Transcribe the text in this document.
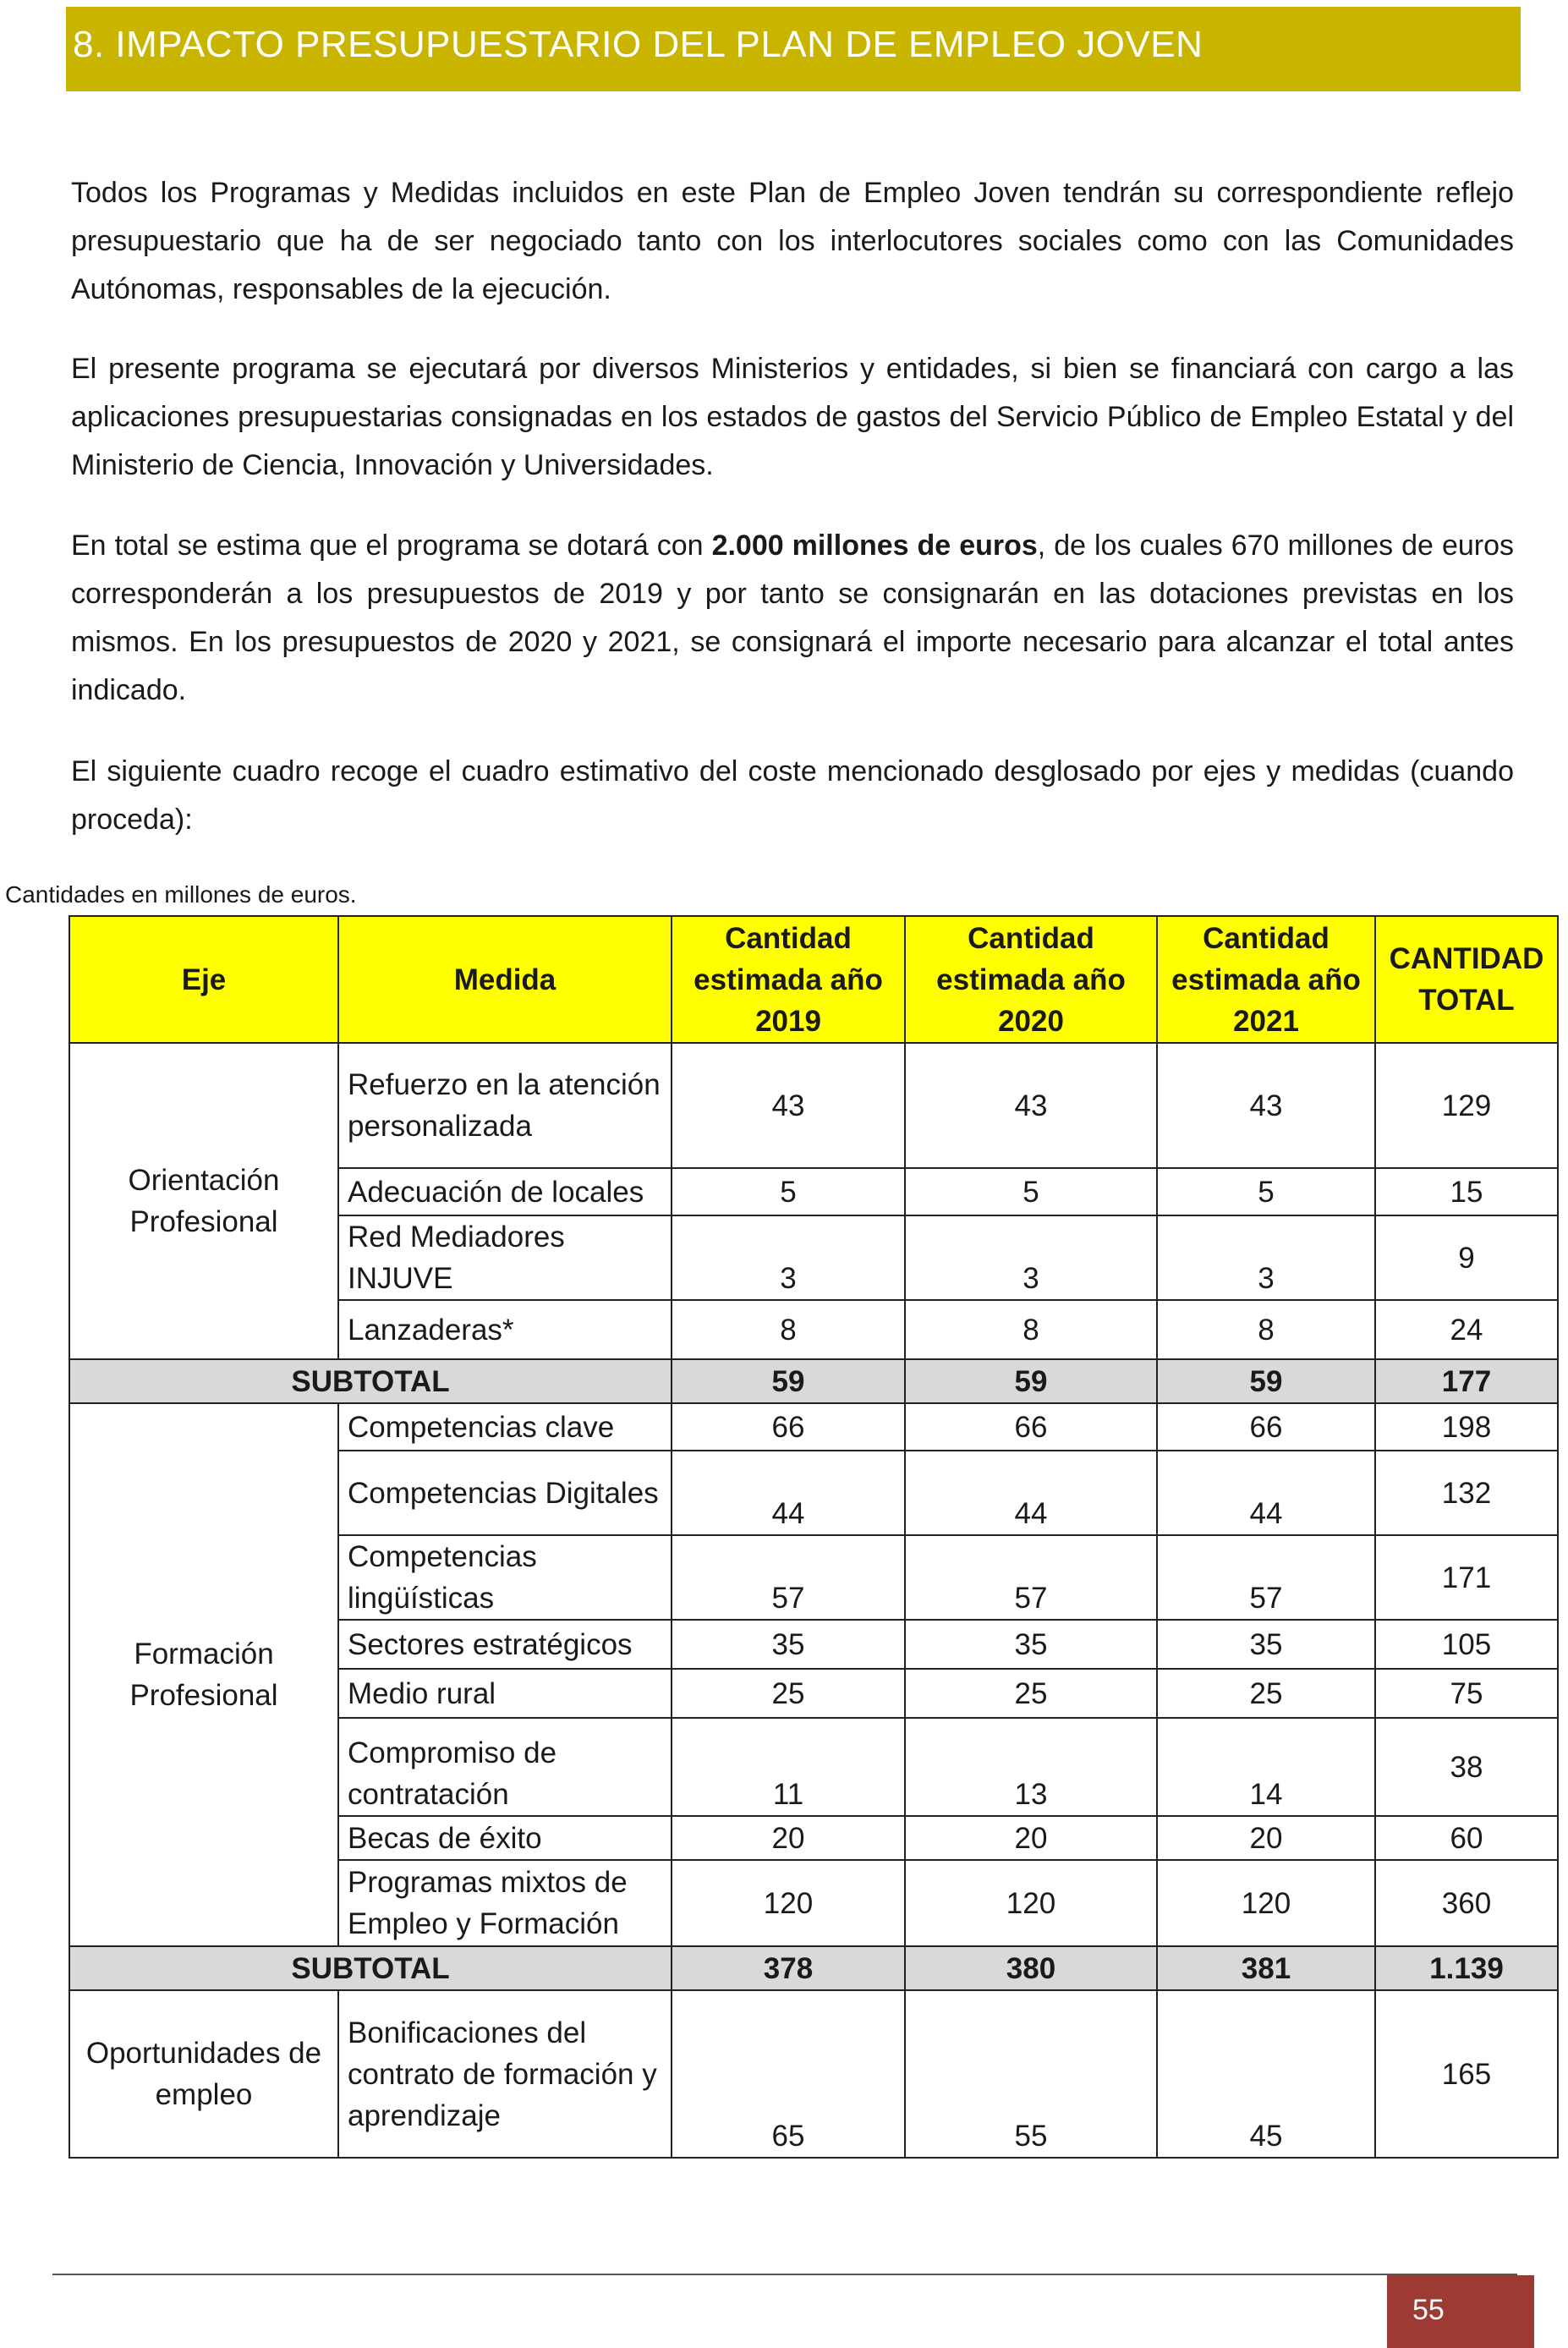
8. IMPACTO PRESUPUESTARIO DEL PLAN DE EMPLEO JOVEN

Todos los Programas y Medidas incluidos en este Plan de Empleo Joven tendrán su correspondiente reflejo presupuestario que ha de ser negociado tanto con los interlocutores sociales como con las Comunidades Autónomas, responsables de la ejecución.

El presente programa se ejecutará por diversos Ministerios y entidades, si bien se financiará con cargo a las aplicaciones presupuestarias consignadas en los estados de gastos del Servicio Público de Empleo Estatal y del Ministerio de Ciencia, Innovación y Universidades.

En total se estima que el programa se dotará con 2.000 millones de euros, de los cuales 670 millones de euros corresponderán a los presupuestos de 2019 y por tanto se consignarán en las dotaciones previstas en los mismos. En los presupuestos de 2020 y 2021, se consignará el importe necesario para alcanzar el total antes indicado.

El siguiente cuadro recoge el cuadro estimativo del coste mencionado desglosado por ejes y medidas (cuando proceda):

Cantidades en millones de euros.
Eje	Medida	Cantidad estimada año 2019	Cantidad estimada año 2020	Cantidad estimada año 2021	CANTIDAD TOTAL
Orientación Profesional	Refuerzo en la atención personalizada	43	43	43	129
	Adecuación de locales	5	5	5	15
	Red Mediadores INJUVE	3	3	3	9
	Lanzaderas*	8	8	8	24
SUBTOTAL		59	59	59	177
Formación Profesional	Competencias clave	66	66	66	198
	Competencias Digitales	44	44	44	132
	Competencias lingüísticas	57	57	57	171
	Sectores estratégicos	35	35	35	105
	Medio rural	25	25	25	75
	Compromiso de contratación	11	13	14	38
	Becas de éxito	20	20	20	60
	Programas mixtos de Empleo y Formación	120	120	120	360
SUBTOTAL		378	380	381	1.139
Oportunidades de empleo	Bonificaciones del contrato de formación y aprendizaje	65	55	45	165
55
